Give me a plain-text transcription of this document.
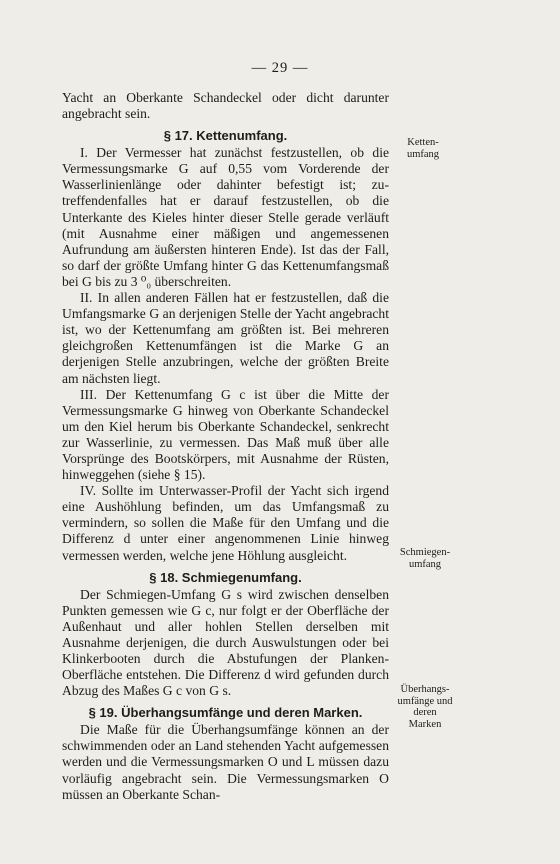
— 29 —

Yacht an Oberkante Schandeckel oder dicht darunter angebracht sein.

§ 17. Kettenumfang.

I. Der Vermesser hat zunächst festzustellen, ob die Vermessungsmarke G auf 0,55 vom Vorderende der Wasserlinienlänge oder dahinter befestigt ist; zutreffendenfalles hat er darauf festzustellen, ob die Unterkante des Kieles hinter dieser Stelle gerade verläuft (mit Ausnahme einer mäßigen und angemessenen Aufrundung am äußersten hinteren Ende). Ist das der Fall, so darf der größte Umfang hinter G das Kettenumfangsmaß bei G bis zu 3 ⁰₀ überschreiten.

II. In allen anderen Fällen hat er festzustellen, daß die Umfangsmarke G an derjenigen Stelle der Yacht angebracht ist, wo der Kettenumfang am größten ist. Bei mehreren gleichgroßen Kettenumfängen ist die Marke G an derjenigen Stelle anzubringen, welche der größten Breite am nächsten liegt.

III. Der Kettenumfang G c ist über die Mitte der Vermessungsmarke G hinweg von Oberkante Schandeckel um den Kiel herum bis Oberkante Schandeckel, senkrecht zur Wasserlinie, zu vermessen. Das Maß muß über alle Vorsprünge des Bootskörpers, mit Ausnahme der Rüsten, hinweggehen (siehe § 15).

IV. Sollte im Unterwasser-Profil der Yacht sich irgend eine Aushöhlung befinden, um das Umfangsmaß zu vermindern, so sollen die Maße für den Umfang und die Differenz d unter einer angenommenen Linie hinweg vermessen werden, welche jene Höhlung ausgleicht.

§ 18. Schmiegenumfang.

Der Schmiegen-Umfang G s wird zwischen denselben Punkten gemessen wie G c, nur folgt er der Oberfläche der Außenhaut und aller hohlen Stellen derselben mit Ausnahme derjenigen, die durch Auswulstungen oder bei Klinkerbooten durch die Abstufungen der Planken-Oberfläche entstehen. Die Differenz d wird gefunden durch Abzug des Maßes G c von G s.

§ 19. Überhangsumfänge und deren Marken.

Die Maße für die Überhangsumfänge können an der schwimmenden oder an Land stehenden Yacht aufgemessen werden und die Vermessungsmarken O und L müssen dazu vorläufig angebracht sein. Die Vermessungsmarken O müssen an Oberkante Schan-

Ketten-
umfang
Schmiegen-
umfang
Überhangs-
umfänge und
deren
Marken
